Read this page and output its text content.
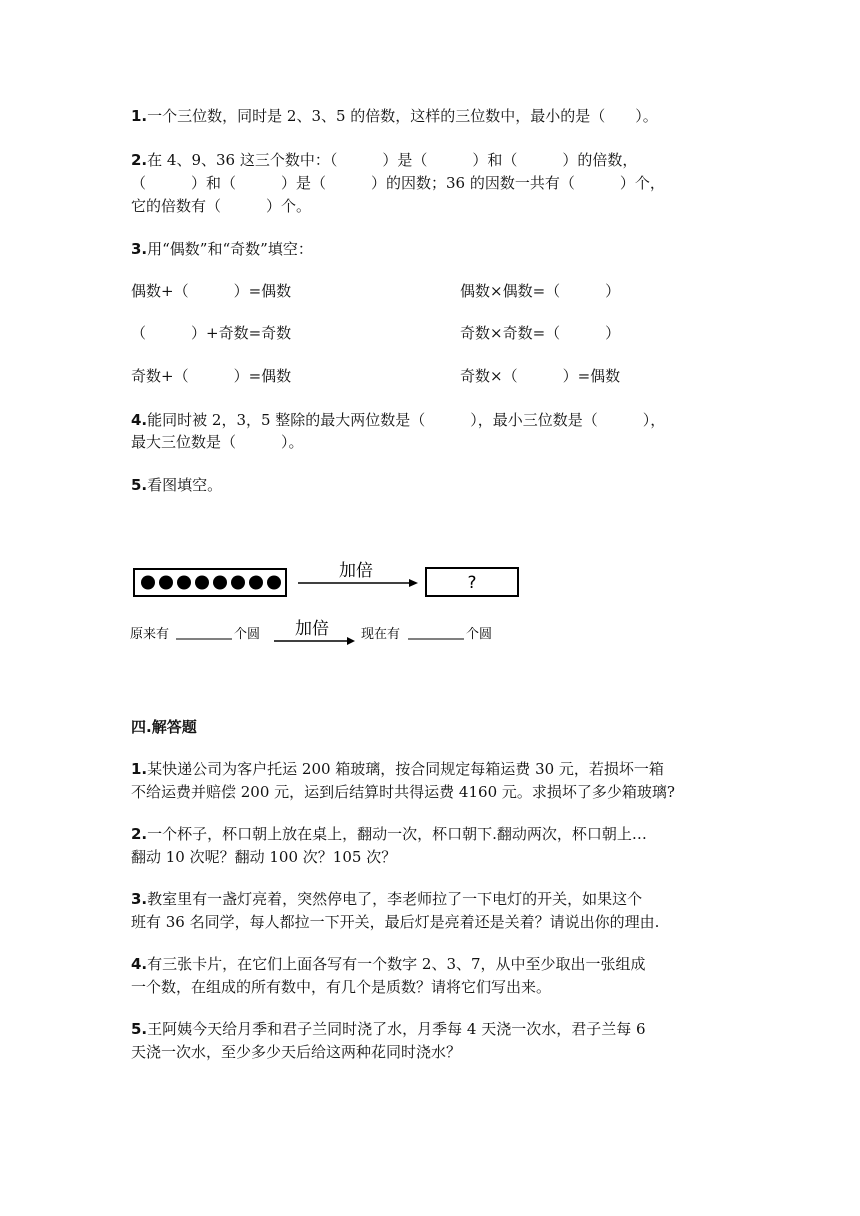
1.一个三位数，同时是 2、3、5 的倍数，这样的三位数中，最小的是（　　）。
2.在 4、9、36 这三个数中：（　　　）是（　　　）和（　　　）的倍数，
（　　　）和（　　　）是（　　　）的因数；36 的因数一共有（　　　）个，
它的倍数有（　　　）个。
3.用“偶数”和“奇数”填空：
偶数+（　　　）=偶数	偶数×偶数=（　　　）
（　　　）+奇数=奇数	奇数×奇数=（　　　）
奇数+（　　　）=偶数	奇数×（　　　）=偶数
4.能同时被 2，3，5 整除的最大两位数是（　　　），最小三位数是（　　　），
最大三位数是（　　　）。
5.看图填空。
加倍
?
原来有	个圆 加倍 现在有	个圆
四.解答题
1.某快递公司为客户托运 200 箱玻璃，按合同规定每箱运费 30 元，若损坏一箱
不给运费并赔偿 200 元，运到后结算时共得运费 4160 元。求损坏了多少箱玻璃?
2.一个杯子，杯口朝上放在桌上，翻动一次，杯口朝下.翻动两次，杯口朝上…
翻动 10 次呢？翻动 100 次？105 次？
3.教室里有一盏灯亮着，突然停电了，李老师拉了一下电灯的开关，如果这个
班有 36 名同学，每人都拉一下开关，最后灯是亮着还是关着？请说出你的理由.
4.有三张卡片，在它们上面各写有一个数字 2、3、7，从中至少取出一张组成
一个数，在组成的所有数中，有几个是质数？请将它们写出来。
5.王阿姨今天给月季和君子兰同时浇了水，月季每 4 天浇一次水，君子兰每 6
天浇一次水，至少多少天后给这两种花同时浇水？
